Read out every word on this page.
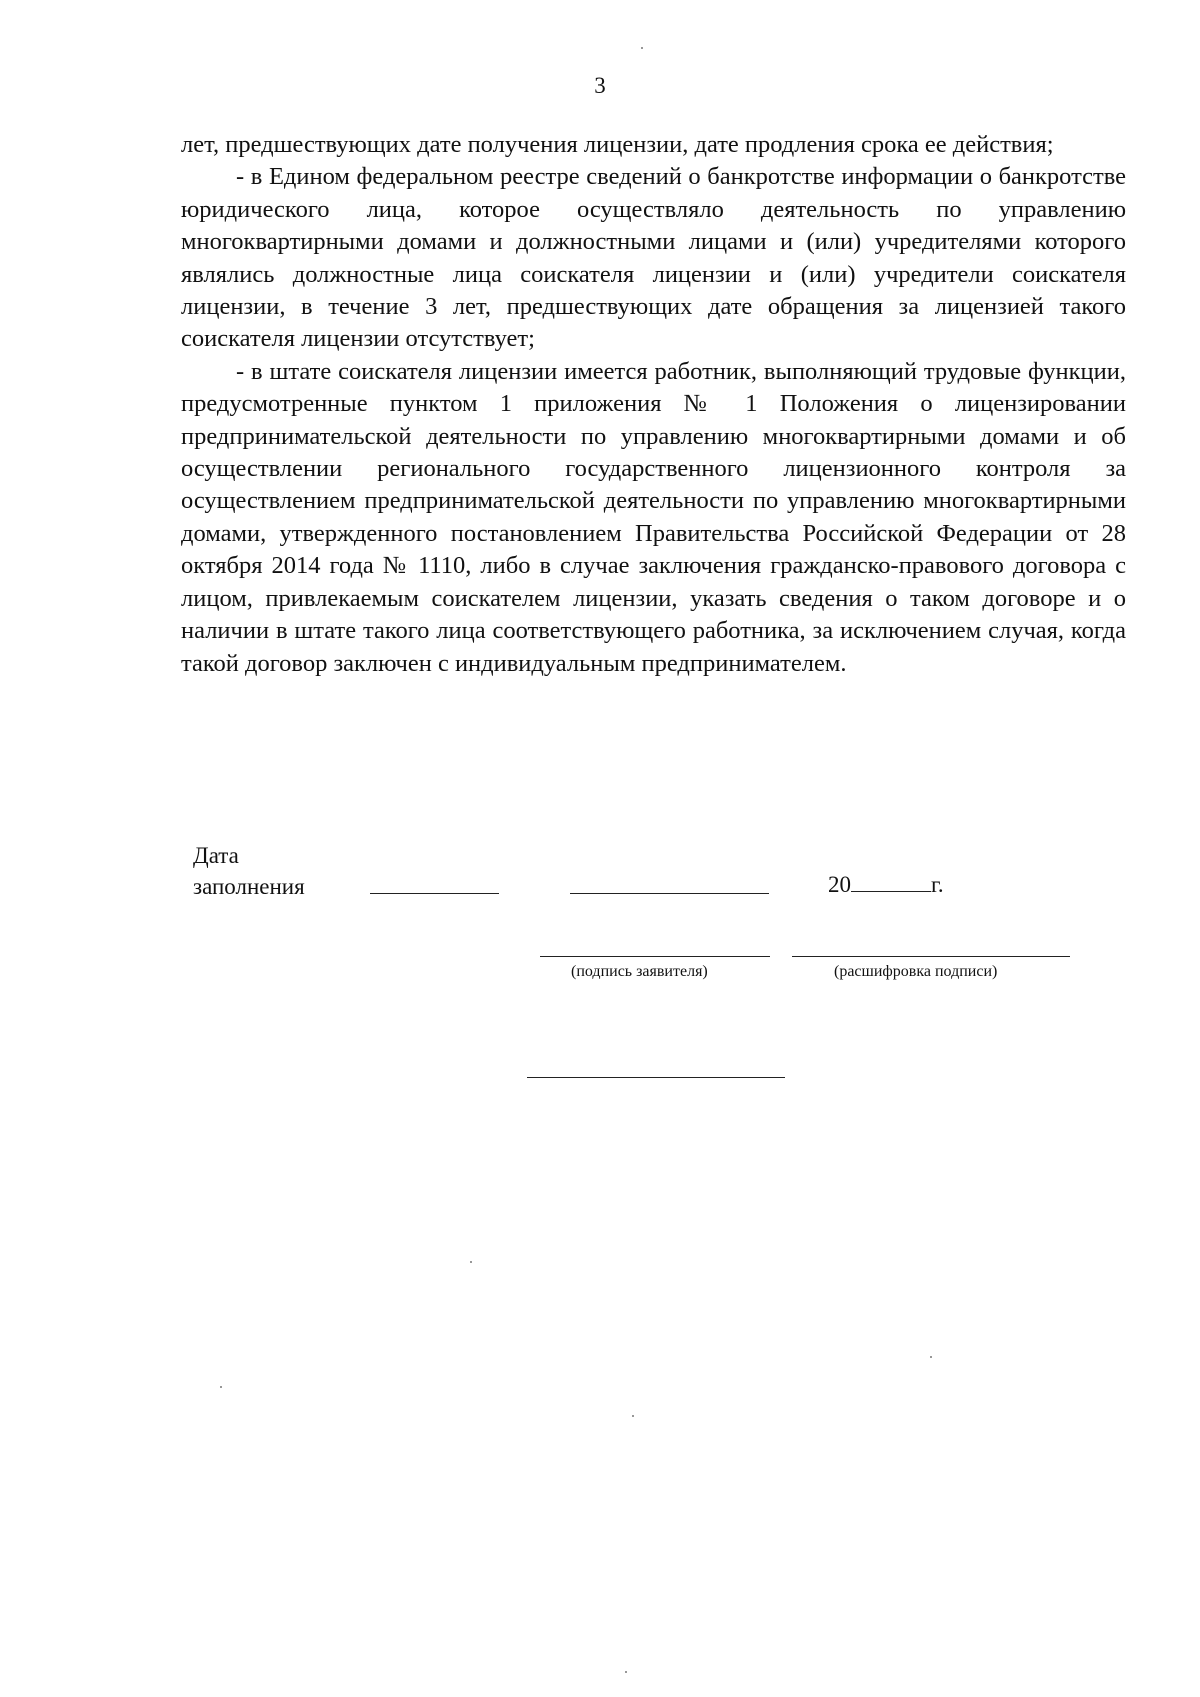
3

лет, предшествующих дате получения лицензии, дате продления срока ее действия;

- в Едином федеральном реестре сведений о банкротстве информации о банкротстве юридического лица, которое осуществляло деятельность по управлению многоквартирными домами и должностными лицами и (или) учредителями которого являлись должностные лица соискателя лицензии и (или) учредители соискателя лицензии, в течение 3 лет, предшествующих дате обращения за лицензией такого соискателя лицензии отсутствует;

- в штате соискателя лицензии имеется работник, выполняющий трудовые функции, предусмотренные пунктом 1 приложения № 1 Положения о лицензировании предпринимательской деятельности по управлению многоквартирными домами и об осуществлении регионального государственного лицензионного контроля за осуществлением предпринимательской деятельности по управлению многоквартирными домами, утвержденного постановлением Правительства Российской Федерации от 28 октября 2014 года № 1110, либо в случае заключения гражданско-правового договора с лицом, привлекаемым соискателем лицензии, указать сведения о таком договоре и о наличии в штате такого лица соответствующего работника, за исключением случая, когда такой договор заключен с индивидуальным предпринимателем.

Дата
заполнения	20	г.
(подпись заявителя)	(расшифровка подписи)
